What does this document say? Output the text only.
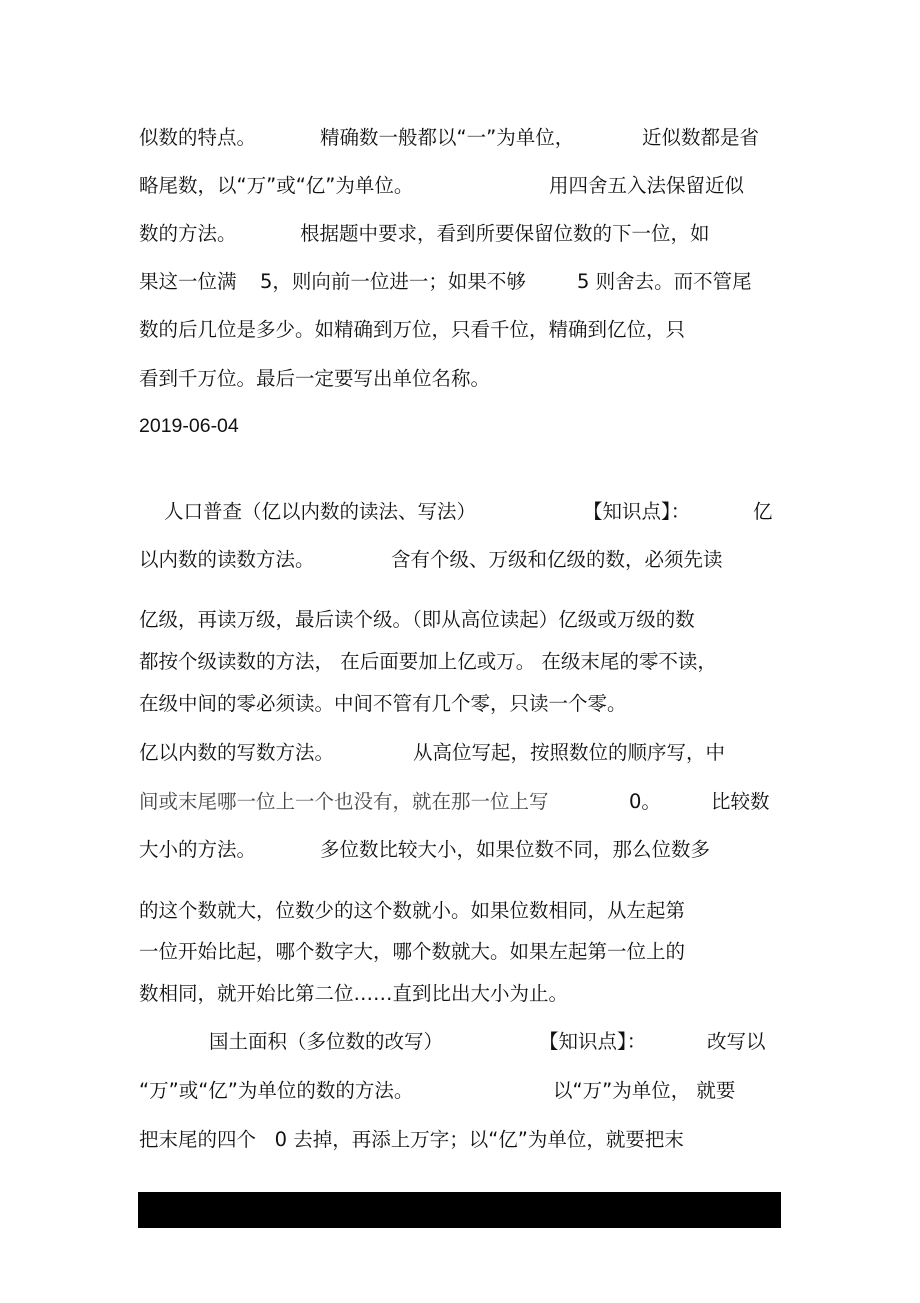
似数的特点。	精确数一般都以“一”为单位，	近似数都是省
略尾数，以“万”或“亿”为单位。	用四舍五入法保留近似
数的方法。	根据题中要求，看到所要保留位数的下一位，如
果这一位满 5，则向前一位进一；如果不够	5 则舍去。而不管尾
数的后几位是多少。如精确到万位，只看千位，精确到亿位，只
看到千万位。最后一定要写出单位名称。
2019-06-04
人口普查（亿以内数的读法、写法）	【知识点】：	亿
以内数的读数方法。	含有个级、万级和亿级的数，必须先读
亿级，再读万级，最后读个级。（即从高位读起）亿级或万级的数
都按个级读数的方法， 在后面要加上亿或万。 在级末尾的零不读，
在级中间的零必须读。中间不管有几个零，只读一个零。
亿以内数的写数方法。	从高位写起，按照数位的顺序写，中
间或末尾哪一位上一个也没有，就在那一位上写	0。	比较数
大小的方法。	多位数比较大小，如果位数不同，那么位数多
的这个数就大，位数少的这个数就小。如果位数相同，从左起第
一位开始比起，哪个数字大，哪个数就大。如果左起第一位上的
数相同，就开始比第二位……直到比出大小为止。
国土面积（多位数的改写）	【知识点】：	改写以
“万”或“亿”为单位的数的方法。	以“万”为单位， 就要
把末尾的四个   0 去掉，再添上万字；以“亿”为单位，就要把末
